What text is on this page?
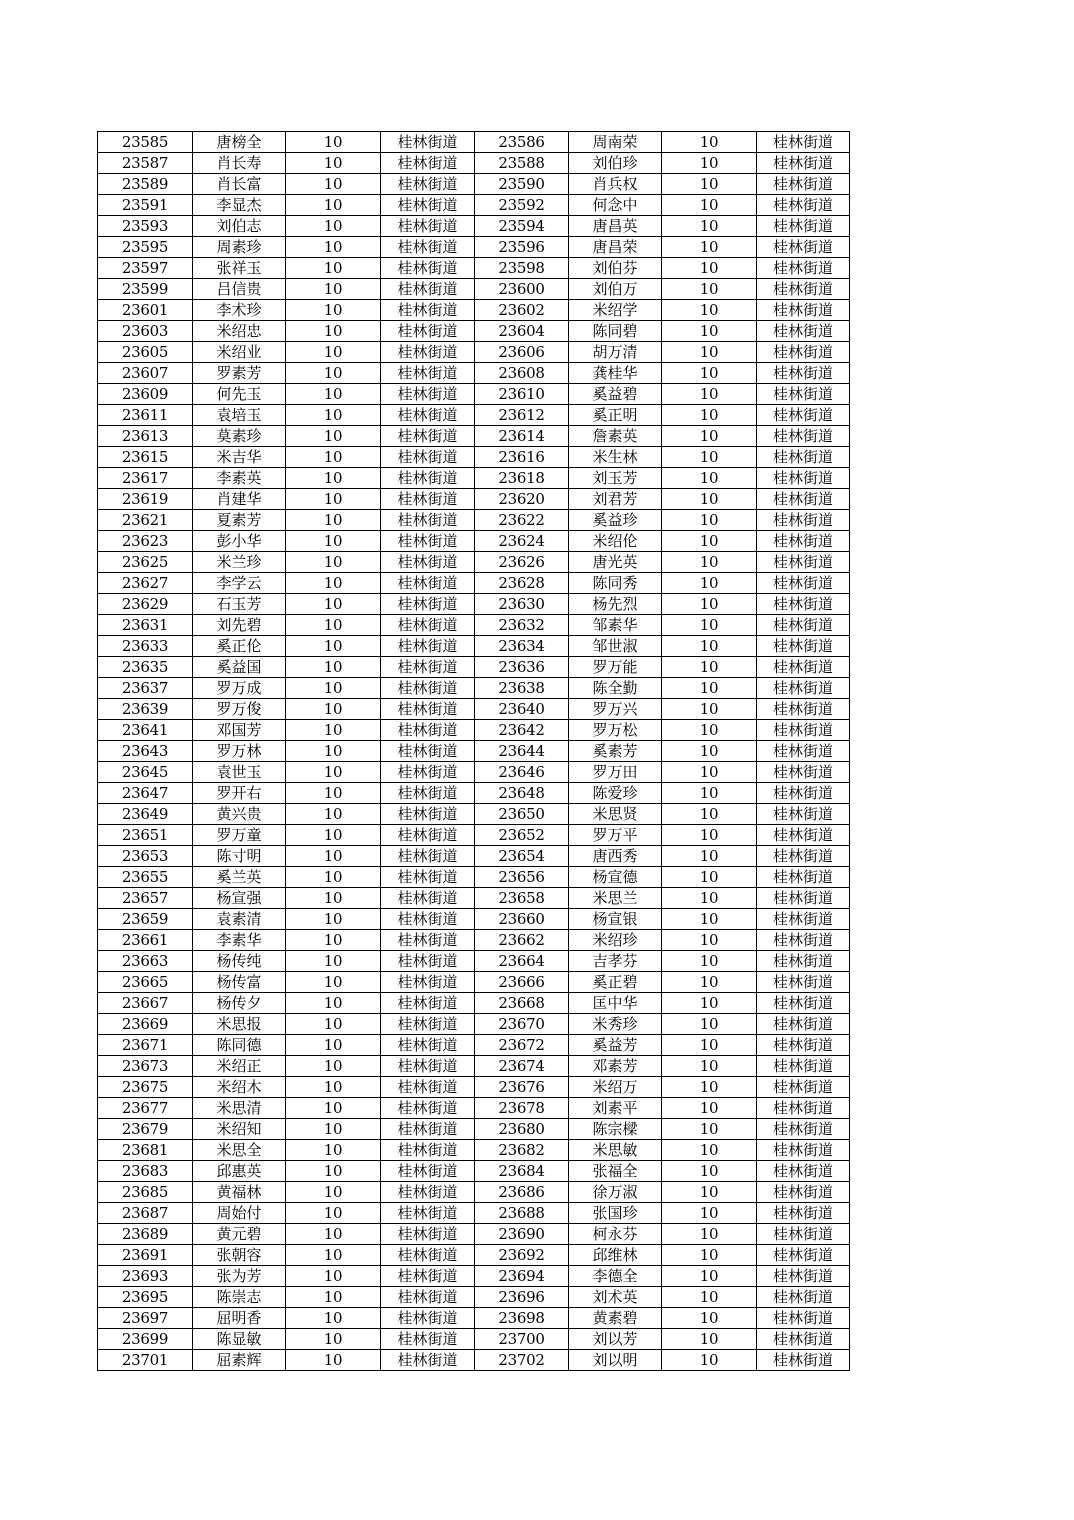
23585	唐榜全	10	桂林街道	23586	周南荣	10	桂林街道
23587	肖长寿	10	桂林街道	23588	刘伯珍	10	桂林街道
23589	肖长富	10	桂林街道	23590	肖兵权	10	桂林街道
23591	李显杰	10	桂林街道	23592	何念中	10	桂林街道
23593	刘伯志	10	桂林街道	23594	唐昌英	10	桂林街道
23595	周素珍	10	桂林街道	23596	唐昌荣	10	桂林街道
23597	张祥玉	10	桂林街道	23598	刘伯芬	10	桂林街道
23599	吕信贵	10	桂林街道	23600	刘伯万	10	桂林街道
23601	李术珍	10	桂林街道	23602	米绍学	10	桂林街道
23603	米绍忠	10	桂林街道	23604	陈同碧	10	桂林街道
23605	米绍业	10	桂林街道	23606	胡万清	10	桂林街道
23607	罗素芳	10	桂林街道	23608	龚桂华	10	桂林街道
23609	何先玉	10	桂林街道	23610	奚益碧	10	桂林街道
23611	袁培玉	10	桂林街道	23612	奚正明	10	桂林街道
23613	莫素珍	10	桂林街道	23614	詹素英	10	桂林街道
23615	米吉华	10	桂林街道	23616	米生林	10	桂林街道
23617	李素英	10	桂林街道	23618	刘玉芳	10	桂林街道
23619	肖建华	10	桂林街道	23620	刘君芳	10	桂林街道
23621	夏素芳	10	桂林街道	23622	奚益珍	10	桂林街道
23623	彭小华	10	桂林街道	23624	米绍伦	10	桂林街道
23625	米兰珍	10	桂林街道	23626	唐光英	10	桂林街道
23627	李学云	10	桂林街道	23628	陈同秀	10	桂林街道
23629	石玉芳	10	桂林街道	23630	杨先烈	10	桂林街道
23631	刘先碧	10	桂林街道	23632	邹素华	10	桂林街道
23633	奚正伦	10	桂林街道	23634	邹世淑	10	桂林街道
23635	奚益国	10	桂林街道	23636	罗万能	10	桂林街道
23637	罗万成	10	桂林街道	23638	陈全勤	10	桂林街道
23639	罗万俊	10	桂林街道	23640	罗万兴	10	桂林街道
23641	邓国芳	10	桂林街道	23642	罗万松	10	桂林街道
23643	罗万林	10	桂林街道	23644	奚素芳	10	桂林街道
23645	袁世玉	10	桂林街道	23646	罗万田	10	桂林街道
23647	罗开右	10	桂林街道	23648	陈爱珍	10	桂林街道
23649	黄兴贵	10	桂林街道	23650	米思贤	10	桂林街道
23651	罗万童	10	桂林街道	23652	罗万平	10	桂林街道
23653	陈寸明	10	桂林街道	23654	唐西秀	10	桂林街道
23655	奚兰英	10	桂林街道	23656	杨宣德	10	桂林街道
23657	杨宣强	10	桂林街道	23658	米思兰	10	桂林街道
23659	袁素清	10	桂林街道	23660	杨宣银	10	桂林街道
23661	李素华	10	桂林街道	23662	米绍珍	10	桂林街道
23663	杨传纯	10	桂林街道	23664	吉孝芬	10	桂林街道
23665	杨传富	10	桂林街道	23666	奚正碧	10	桂林街道
23667	杨传夕	10	桂林街道	23668	匡中华	10	桂林街道
23669	米思报	10	桂林街道	23670	米秀珍	10	桂林街道
23671	陈同德	10	桂林街道	23672	奚益芳	10	桂林街道
23673	米绍正	10	桂林街道	23674	邓素芳	10	桂林街道
23675	米绍木	10	桂林街道	23676	米绍万	10	桂林街道
23677	米思清	10	桂林街道	23678	刘素平	10	桂林街道
23679	米绍知	10	桂林街道	23680	陈宗樑	10	桂林街道
23681	米思全	10	桂林街道	23682	米思敏	10	桂林街道
23683	邱惠英	10	桂林街道	23684	张福全	10	桂林街道
23685	黄福林	10	桂林街道	23686	徐万淑	10	桂林街道
23687	周始付	10	桂林街道	23688	张国珍	10	桂林街道
23689	黄元碧	10	桂林街道	23690	柯永芬	10	桂林街道
23691	张朝容	10	桂林街道	23692	邱维林	10	桂林街道
23693	张为芳	10	桂林街道	23694	李德全	10	桂林街道
23695	陈崇志	10	桂林街道	23696	刘术英	10	桂林街道
23697	屈明香	10	桂林街道	23698	黄素碧	10	桂林街道
23699	陈显敏	10	桂林街道	23700	刘以芳	10	桂林街道
23701	屈素辉	10	桂林街道	23702	刘以明	10	桂林街道
